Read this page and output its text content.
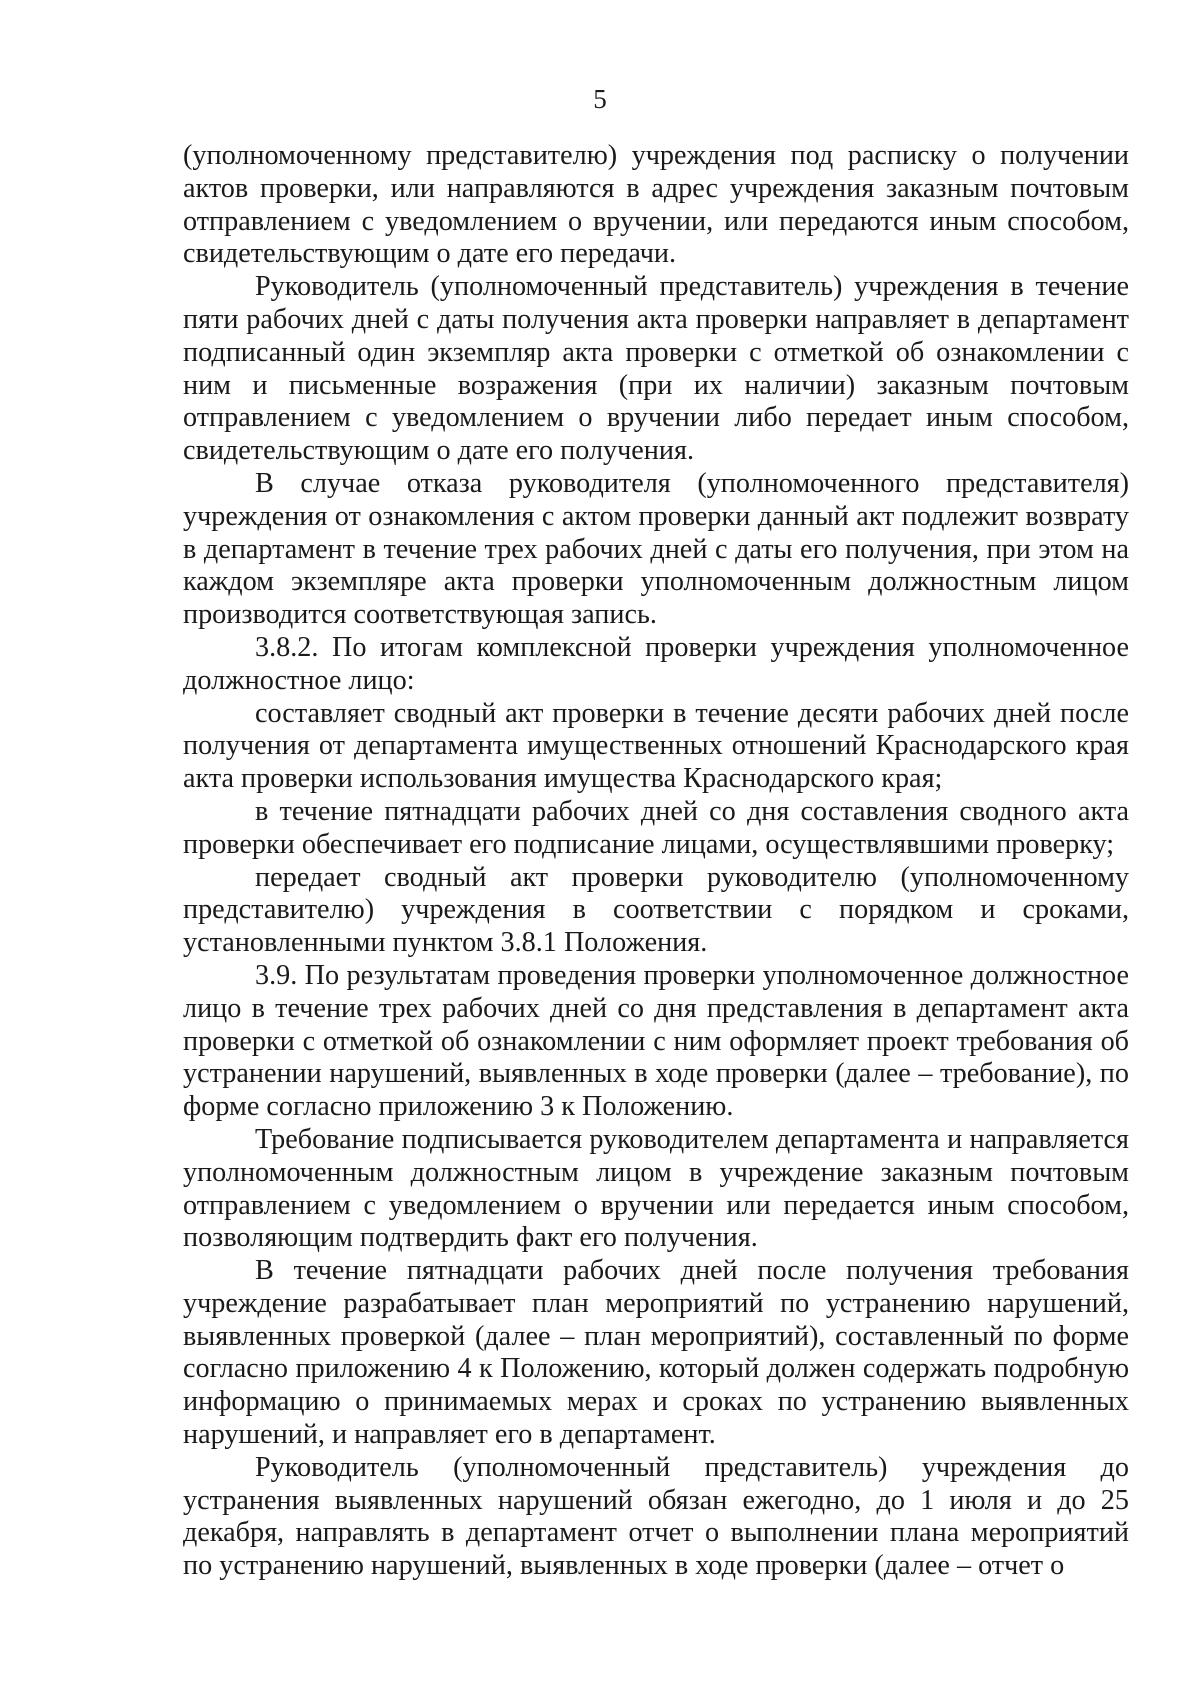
5

(уполномоченному представителю) учреждения под расписку о получении актов проверки, или направляются в адрес учреждения заказным почтовым отправлением с уведомлением о вручении, или передаются иным способом, свидетельствующим о дате его передачи.

Руководитель (уполномоченный представитель) учреждения в течение пяти рабочих дней с даты получения акта проверки направляет в департамент подписанный один экземпляр акта проверки с отметкой об ознакомлении с ним и письменные возражения (при их наличии) заказным почтовым отправлением с уведомлением о вручении либо передает иным способом, свидетельствующим о дате его получения.

В случае отказа руководителя (уполномоченного представителя) учреждения от ознакомления с актом проверки данный акт подлежит возврату в департамент в течение трех рабочих дней с даты его получения, при этом на каждом экземпляре акта проверки уполномоченным должностным лицом производится соответствующая запись.

3.8.2. По итогам комплексной проверки учреждения уполномоченное должностное лицо:

составляет сводный акт проверки в течение десяти рабочих дней после получения от департамента имущественных отношений Краснодарского края акта проверки использования имущества Краснодарского края;

в течение пятнадцати рабочих дней со дня составления сводного акта проверки обеспечивает его подписание лицами, осуществлявшими проверку;

передает сводный акт проверки руководителю (уполномоченному представителю) учреждения в соответствии с порядком и сроками, установленными пунктом 3.8.1 Положения.

3.9. По результатам проведения проверки уполномоченное должностное лицо в течение трех рабочих дней со дня представления в департамент акта проверки с отметкой об ознакомлении с ним оформляет проект требования об устранении нарушений, выявленных в ходе проверки (далее – требование), по форме согласно приложению 3 к Положению.

Требование подписывается руководителем департамента и направляется уполномоченным должностным лицом в учреждение заказным почтовым отправлением с уведомлением о вручении или передается иным способом, позволяющим подтвердить факт его получения.

В течение пятнадцати рабочих дней после получения требования учреждение разрабатывает план мероприятий по устранению нарушений, выявленных проверкой (далее – план мероприятий), составленный по форме согласно приложению 4 к Положению, который должен содержать подробную информацию о принимаемых мерах и сроках по устранению выявленных нарушений, и направляет его в департамент.

Руководитель (уполномоченный представитель) учреждения до устранения выявленных нарушений обязан ежегодно, до 1 июля и до 25 декабря, направлять в департамент отчет о выполнении плана мероприятий по устранению нарушений, выявленных в ходе проверки (далее – отчет о
